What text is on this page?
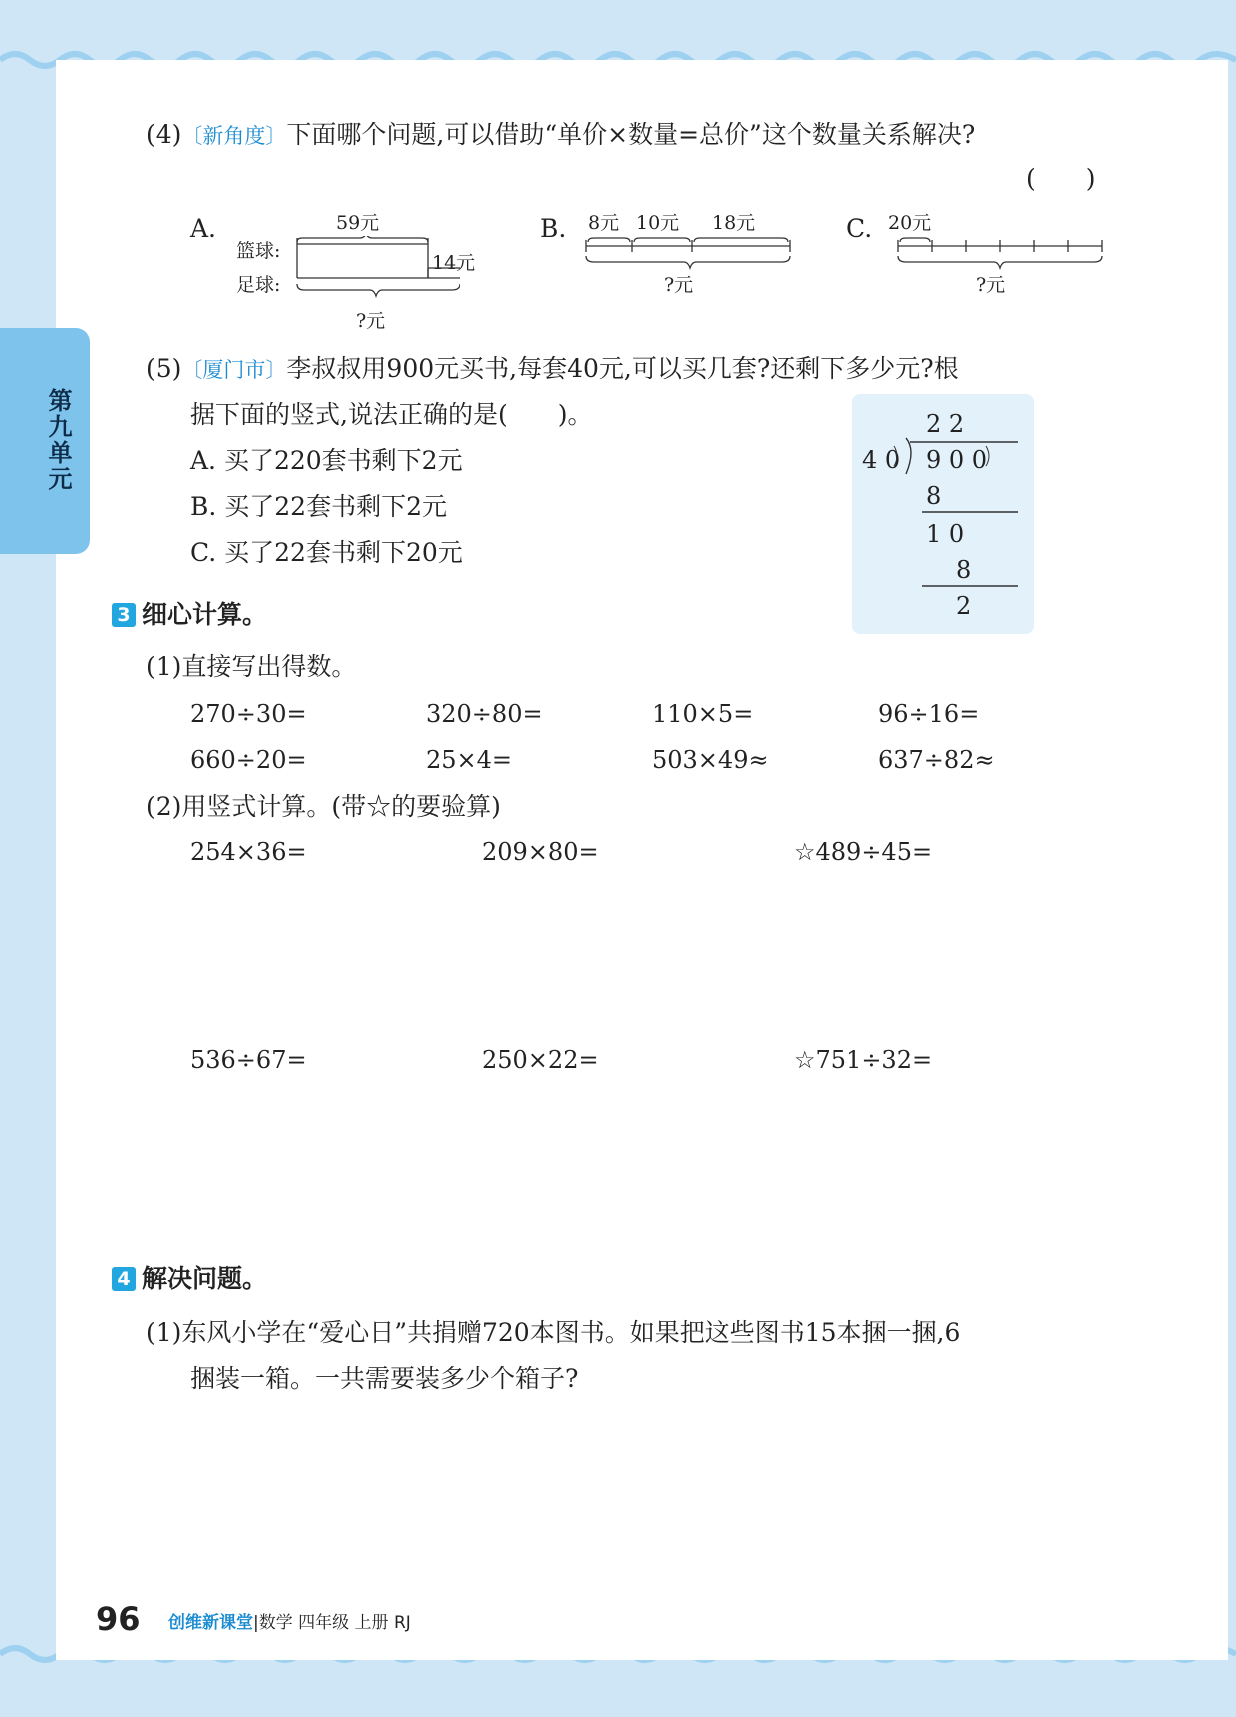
第九单元
(4)〔新角度〕下面哪个问题,可以借助“单价×数量=总价”这个数量关系解决?
(　　)
A.	59元
篮球:
足球:
14元
?元
B. 8元 10元 18元
?元
C. 20元
?元
(5)〔厦门市〕李叔叔用900元买书,每套40元,可以买几套?还剩下多少元?根
据下面的竖式,说法正确的是(　　)。
A. 买了220套书剩下2元
B. 买了22套书剩下2元
C. 买了22套书剩下20元
2 2
4 0 9 0 0
8
1 0
8
2
3 细心计算。
(1)直接写出得数。
270÷30=	320÷80=	110×5=	96÷16=
660÷20=	25×4=	503×49≈	637÷82≈
(2)用竖式计算。(带☆的要验算)
254×36=	209×80=	☆489÷45=
536÷67=	250×22=	☆751÷32=
4 解决问题。
(1)东风小学在“爱心日”共捐赠720本图书。如果把这些图书15本捆一捆,6
捆装一箱。一共需要装多少个箱子?
96 创维新课堂|数学 四年级 上册 RJ
